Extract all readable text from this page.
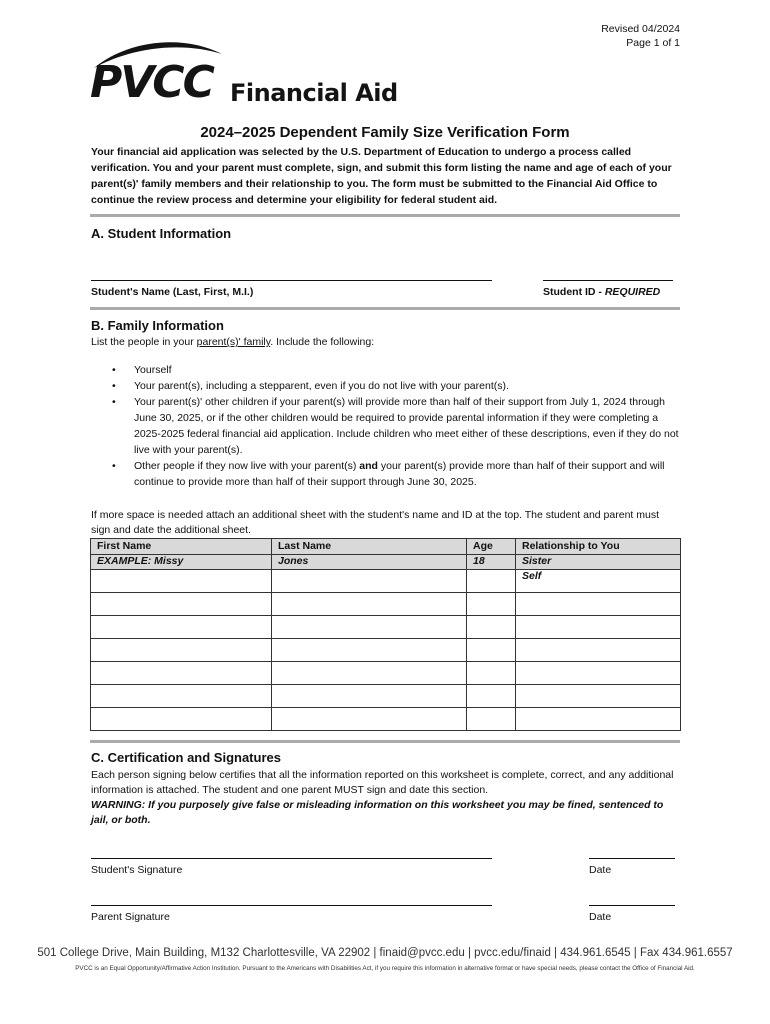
Revised 04/2024
Page 1 of 1
PVCC Financial Aid
2024–2025 Dependent Family Size Verification Form
Your financial aid application was selected by the U.S. Department of Education to undergo a process called verification. You and your parent must complete, sign, and submit this form listing the name and age of each of your parent(s)' family members and their relationship to you. The form must be submitted to the Financial Aid Office to continue the review process and determine your eligibility for federal student aid.
A. Student Information
Student's Name (Last, First, M.I.)	Student ID - REQUIRED
B. Family Information
List the people in your parent(s)' family. Include the following:
• Yourself
• Your parent(s), including a stepparent, even if you do not live with your parent(s).
• Your parent(s)' other children if your parent(s) will provide more than half of their support from July 1, 2024 through June 30, 2025, or if the other children would be required to provide parental information if they were completing a 2025-2025 federal financial aid application. Include children who meet either of these descriptions, even if they do not live with your parent(s).
• Other people if they now live with your parent(s) and your parent(s) provide more than half of their support and will continue to provide more than half of their support through June 30, 2025.
If more space is needed attach an additional sheet with the student's name and ID at the top. The student and parent must sign and date the additional sheet.
First Name	Last Name	Age	Relationship to You
EXAMPLE: Missy	Jones	18	Sister
			Self

C. Certification and Signatures
Each person signing below certifies that all the information reported on this worksheet is complete, correct, and any additional information is attached. The student and one parent MUST sign and date this section.
WARNING: If you purposely give false or misleading information on this worksheet you may be fined, sentenced to jail, or both.
Student's Signature	Date
Parent Signature	Date
501 College Drive, Main Building, M132 Charlottesville, VA 22902 | finaid@pvcc.edu | pvcc.edu/finaid | 434.961.6545 | Fax 434.961.6557
PVCC is an Equal Opportunity/Affirmative Action Institution. Pursuant to the Americans with Disabilities Act, if you require this information in alternative format or have special needs, please contact the Office of Financial Aid.
